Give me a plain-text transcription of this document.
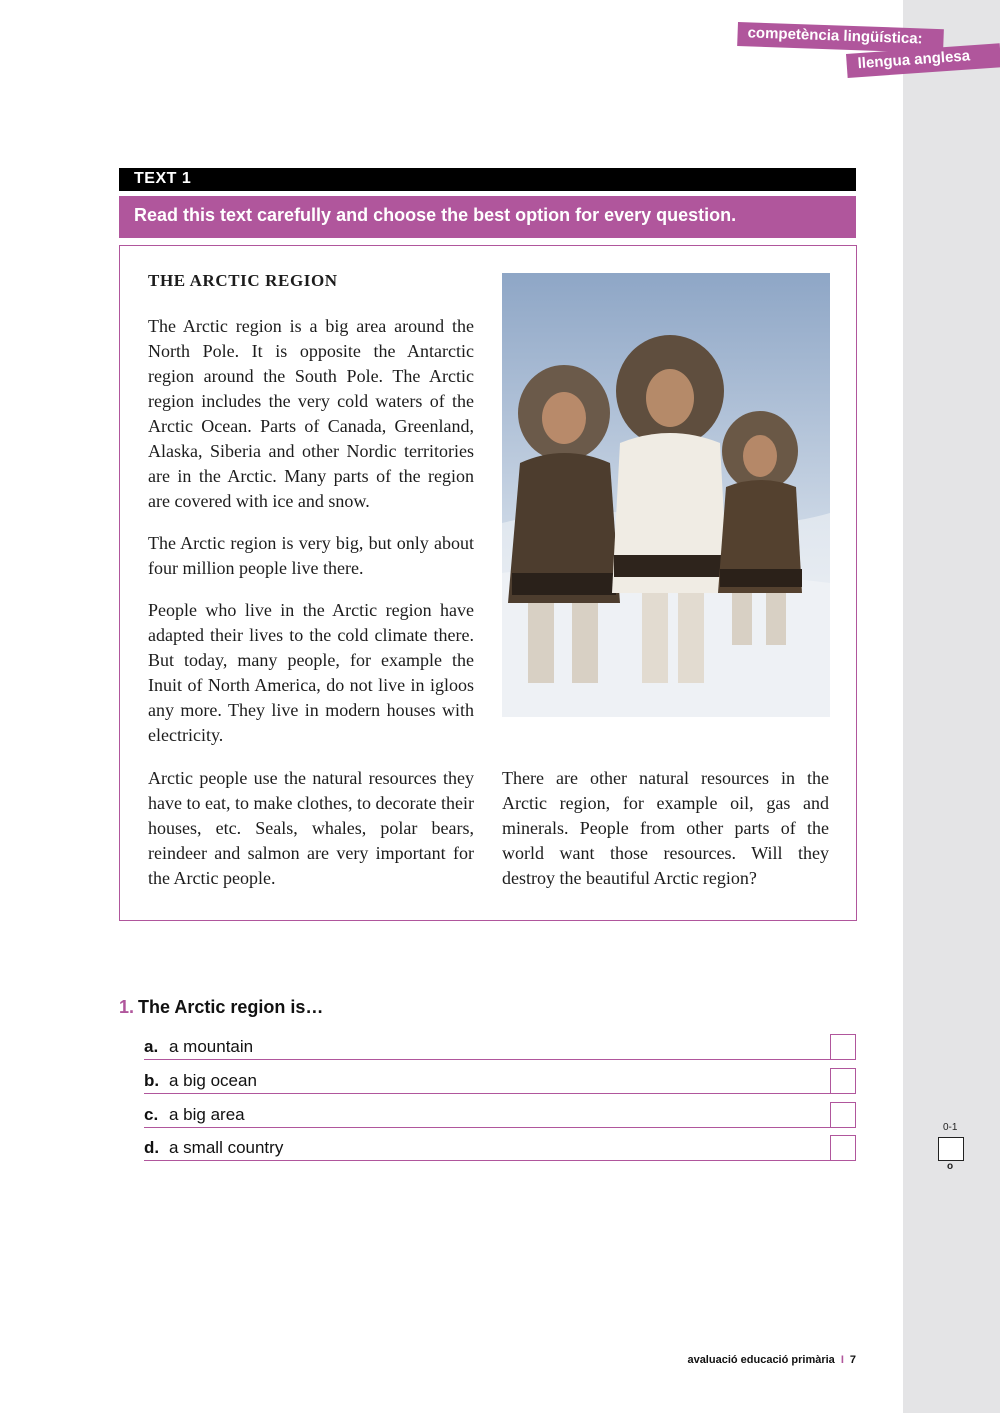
competència lingüística:
llengua anglesa
TEXT 1
Read this text carefully and choose the best option for every question.
THE ARCTIC REGION

The Arctic region is a big area around the North Pole. It is opposite the Antarctic region around the South Pole. The Arctic region includes the very cold waters of the Arctic Ocean. Parts of Canada, Greenland, Alaska, Siberia and other Nordic territories are in the Arctic. Many parts of the region are covered with ice and snow.

The Arctic region is very big, but only about four million people live there.

People who live in the Arctic region have adapted their lives to the cold climate there. But today, many people, for example the Inuit of North America, do not live in igloos any more. They live in modern houses with electricity.

Arctic people use the natural resources they have to eat, to make clothes, to decorate their houses, etc. Seals, whales, polar bears, reindeer and salmon are very important for the Arctic people.

There are other natural resources in the Arctic region, for example oil, gas and minerals. People from other parts of the world want those resources. Will they destroy the beautiful Arctic region?

1. The Arctic region is…
a. a mountain
b. a big ocean
c. a big area
d. a small country
0-1
o
avaluació educació primària I 7
